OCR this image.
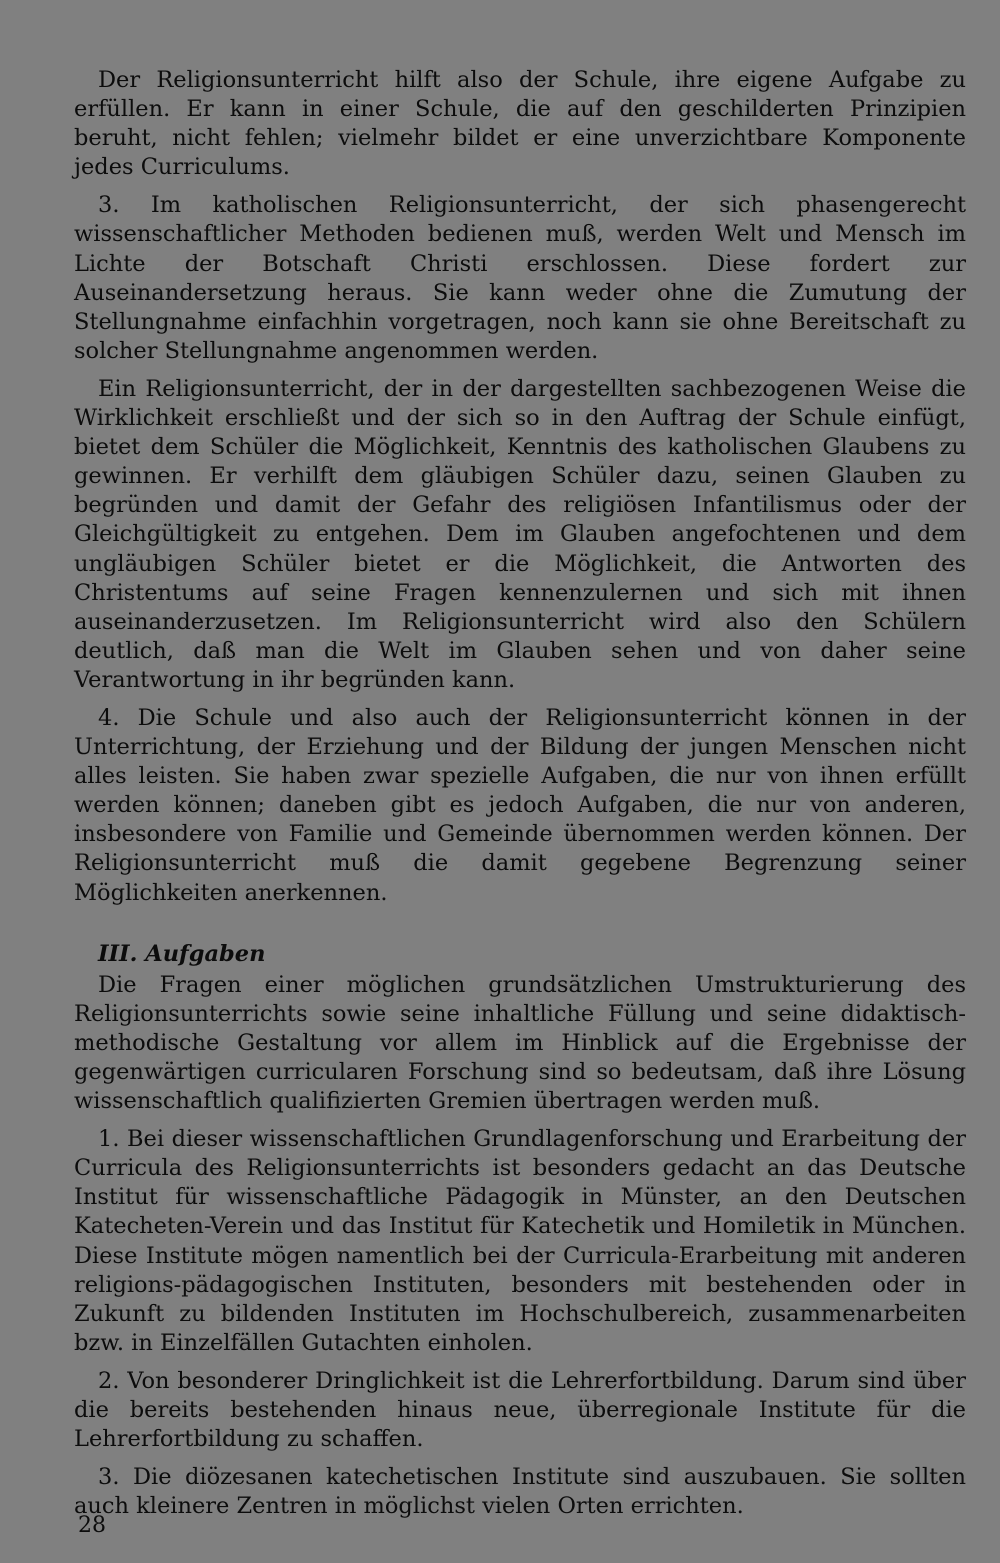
Der Religionsunterricht hilft also der Schule, ihre eigene Aufgabe zu erfüllen. Er kann in einer Schule, die auf den geschilderten Prinzipien beruht, nicht fehlen; vielmehr bildet er eine unverzichtbare Komponente jedes Curriculums.

3. Im katholischen Religionsunterricht, der sich phasengerecht wissenschaftlicher Methoden bedienen muß, werden Welt und Mensch im Lichte der Botschaft Christi erschlossen. Diese fordert zur Auseinandersetzung heraus. Sie kann weder ohne die Zumutung der Stellungnahme einfachhin vorgetragen, noch kann sie ohne Bereitschaft zu solcher Stellungnahme angenommen werden.

Ein Religionsunterricht, der in der dargestellten sachbezogenen Weise die Wirklichkeit erschließt und der sich so in den Auftrag der Schule einfügt, bietet dem Schüler die Möglichkeit, Kenntnis des katholischen Glaubens zu gewinnen. Er verhilft dem gläubigen Schüler dazu, seinen Glauben zu begründen und damit der Gefahr des religiösen Infantilismus oder der Gleichgültigkeit zu entgehen. Dem im Glauben angefochtenen und dem ungläubigen Schüler bietet er die Möglichkeit, die Antworten des Christentums auf seine Fragen kennenzulernen und sich mit ihnen auseinanderzusetzen. Im Religionsunterricht wird also den Schülern deutlich, daß man die Welt im Glauben sehen und von daher seine Verantwortung in ihr begründen kann.

4. Die Schule und also auch der Religionsunterricht können in der Unterrichtung, der Erziehung und der Bildung der jungen Menschen nicht alles leisten. Sie haben zwar spezielle Aufgaben, die nur von ihnen erfüllt werden können; daneben gibt es jedoch Aufgaben, die nur von anderen, insbesondere von Familie und Gemeinde übernommen werden können. Der Religionsunterricht muß die damit gegebene Begrenzung seiner Möglichkeiten anerkennen.

III. Aufgaben

Die Fragen einer möglichen grundsätzlichen Umstrukturierung des Religionsunterrichts sowie seine inhaltliche Füllung und seine didaktisch-methodische Gestaltung vor allem im Hinblick auf die Ergebnisse der gegenwärtigen curricularen Forschung sind so bedeutsam, daß ihre Lösung wissenschaftlich qualifizierten Gremien übertragen werden muß.

1. Bei dieser wissenschaftlichen Grundlagenforschung und Erarbeitung der Curricula des Religionsunterrichts ist besonders gedacht an das Deutsche Institut für wissenschaftliche Pädagogik in Münster, an den Deutschen Katecheten-Verein und das Institut für Katechetik und Homiletik in München. Diese Institute mögen namentlich bei der Curricula-Erarbeitung mit anderen religions-pädagogischen Instituten, besonders mit bestehenden oder in Zukunft zu bildenden Instituten im Hochschulbereich, zusammenarbeiten bzw. in Einzelfällen Gutachten einholen.

2. Von besonderer Dringlichkeit ist die Lehrerfortbildung. Darum sind über die bereits bestehenden hinaus neue, überregionale Institute für die Lehrerfortbildung zu schaffen.

3. Die diözesanen katechetischen Institute sind auszubauen. Sie sollten auch kleinere Zentren in möglichst vielen Orten errichten.

28
